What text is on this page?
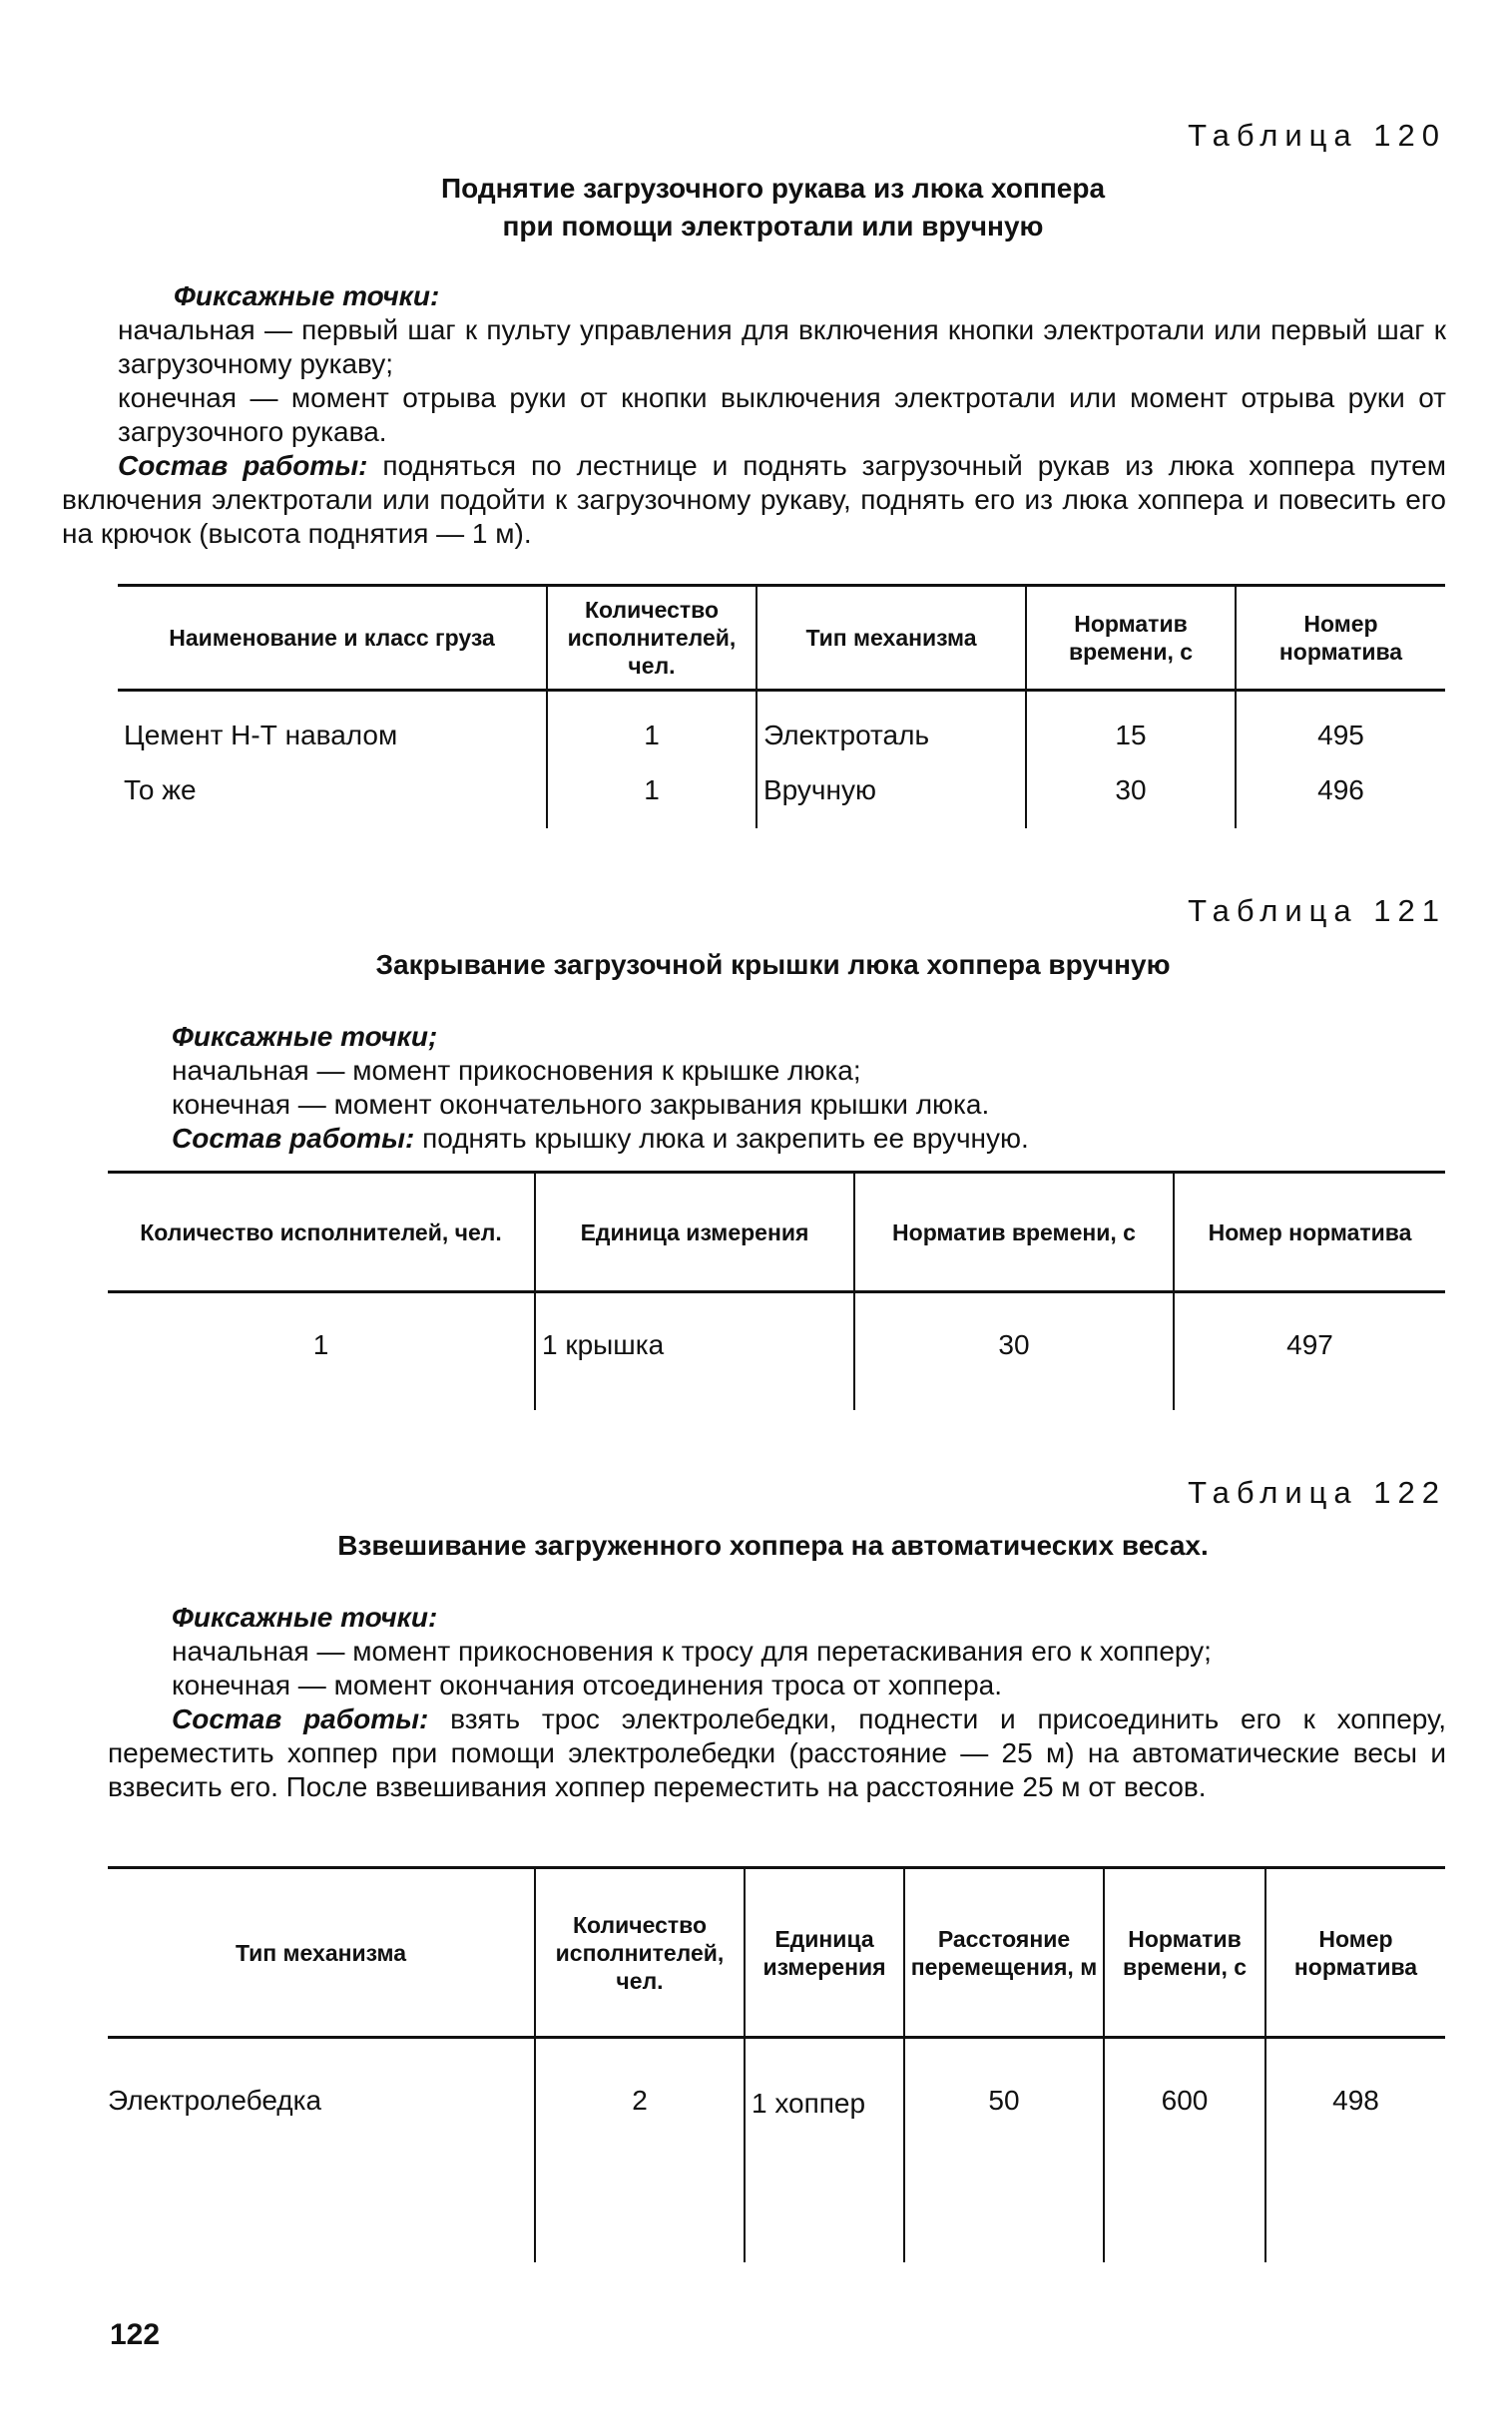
Таблица 120
Поднятие загрузочного рукава из люка хоппера
при помощи электротали или вручную
Фиксажные точки:
начальная — первый шаг к пульту управления для включения кнопки электротали или первый шаг к загрузочному рукаву;
конечная — момент отрыва руки от кнопки выключения электротали или момент отрыва руки от загрузочного рукава.
Состав работы: подняться по лестнице и поднять загрузочный рукав из люка хоппера путем включения электротали или подойти к загрузочному рукаву, поднять его из люка хоппера и повесить его на крючок (высота поднятия — 1 м).
Наименование и класс груза	Количество исполнителей, чел.	Тип механизма	Норматив времени, с	Номер норматива
Цемент Н-Т навалом	1	Электроталь	15	495
То же	1	Вручную	30	496
Таблица 121
Закрывание загрузочной крышки люка хоппера вручную
Фиксажные точки;
начальная — момент прикосновения к крышке люка;
конечная — момент окончательного закрывания крышки люка.
Состав работы: поднять крышку люка и закрепить ее вручную.
Количество исполнителей, чел.	Единица измерения	Норматив времени, с	Номер норматива
1	1 крышка	30	497
Таблица 122
Взвешивание загруженного хоппера на автоматических весах.
Фиксажные точки:
начальная — момент прикосновения к тросу для перетаскивания его к хопперу;
конечная — момент окончания отсоединения троса от хоппера.
Состав работы: взять трос электролебедки, поднести и присоединить его к хопперу, переместить хоппер при помощи электролебедки (расстояние — 25 м) на автоматические весы и взвесить его. После взвешивания хоппер переместить на расстояние 25 м от весов.
Тип механизма	Количество исполнителей, чел.	Единица измерения	Расстояние перемещения, м	Норматив времени, с	Номер норматива
Электролебедка	2	1 хоппер	50	600	498
122
